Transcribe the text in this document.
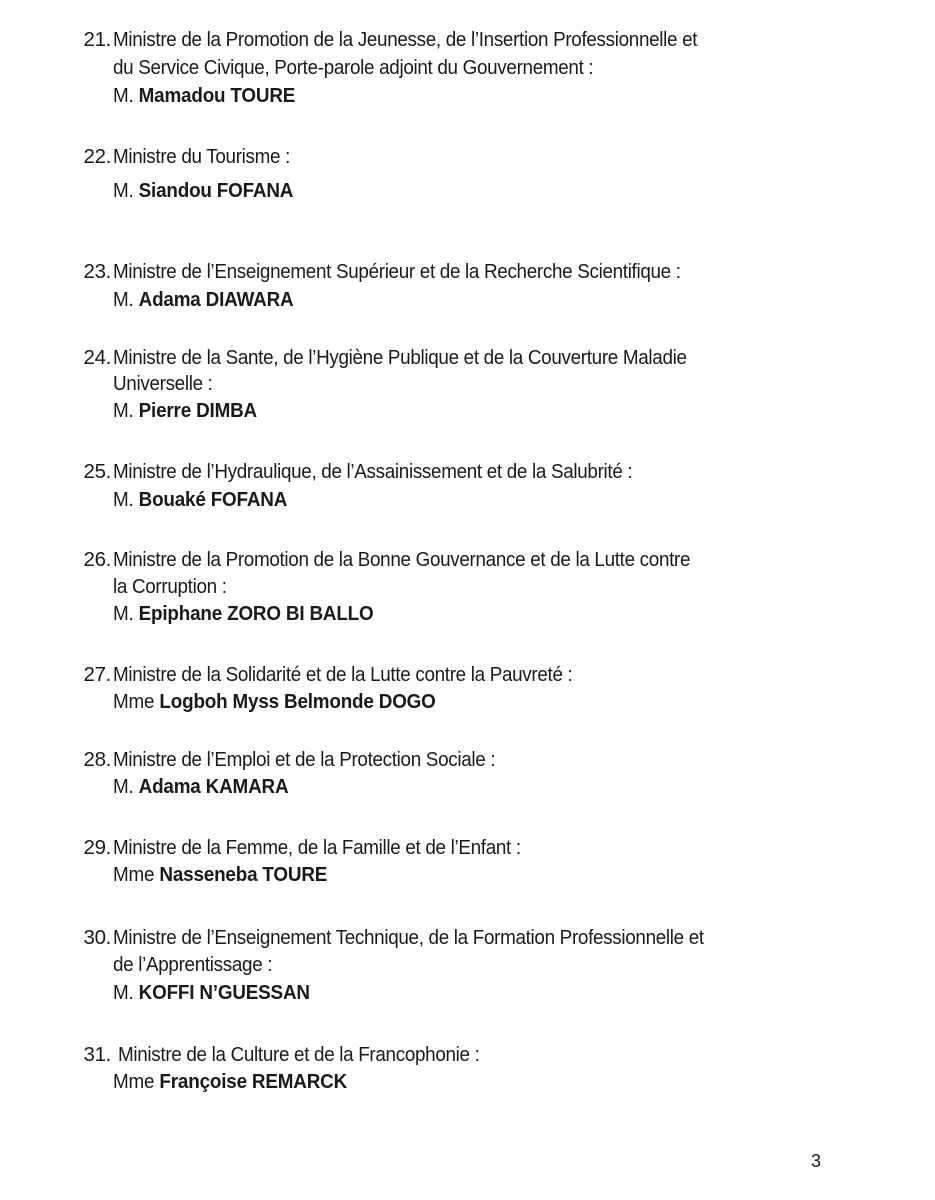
21. Ministre de la Promotion de la Jeunesse, de l’Insertion Professionnelle et
du Service Civique, Porte-parole adjoint du Gouvernement :
M. Mamadou TOURE
22. Ministre du Tourisme :
M. Siandou FOFANA
23. Ministre de l’Enseignement Supérieur et de la Recherche Scientifique :
M. Adama DIAWARA
24. Ministre de la Sante, de l’Hygiène Publique et de la Couverture Maladie
Universelle :
M. Pierre DIMBA
25. Ministre de l’Hydraulique, de l’Assainissement et de la Salubrité :
M. Bouaké FOFANA
26. Ministre de la Promotion de la Bonne Gouvernance et de la Lutte contre
la Corruption :
M. Epiphane ZORO BI BALLO
27. Ministre de la Solidarité et de la Lutte contre la Pauvreté :
Mme Logboh Myss Belmonde DOGO
28. Ministre de l’Emploi et de la Protection Sociale :
M. Adama KAMARA
29. Ministre de la Femme, de la Famille et de l’Enfant :
Mme Nasseneba TOURE
30. Ministre de l’Enseignement Technique, de la Formation Professionnelle et
de l’Apprentissage :
M. KOFFI N’GUESSAN
31. Ministre de la Culture et de la Francophonie :
Mme Françoise REMARCK
3
